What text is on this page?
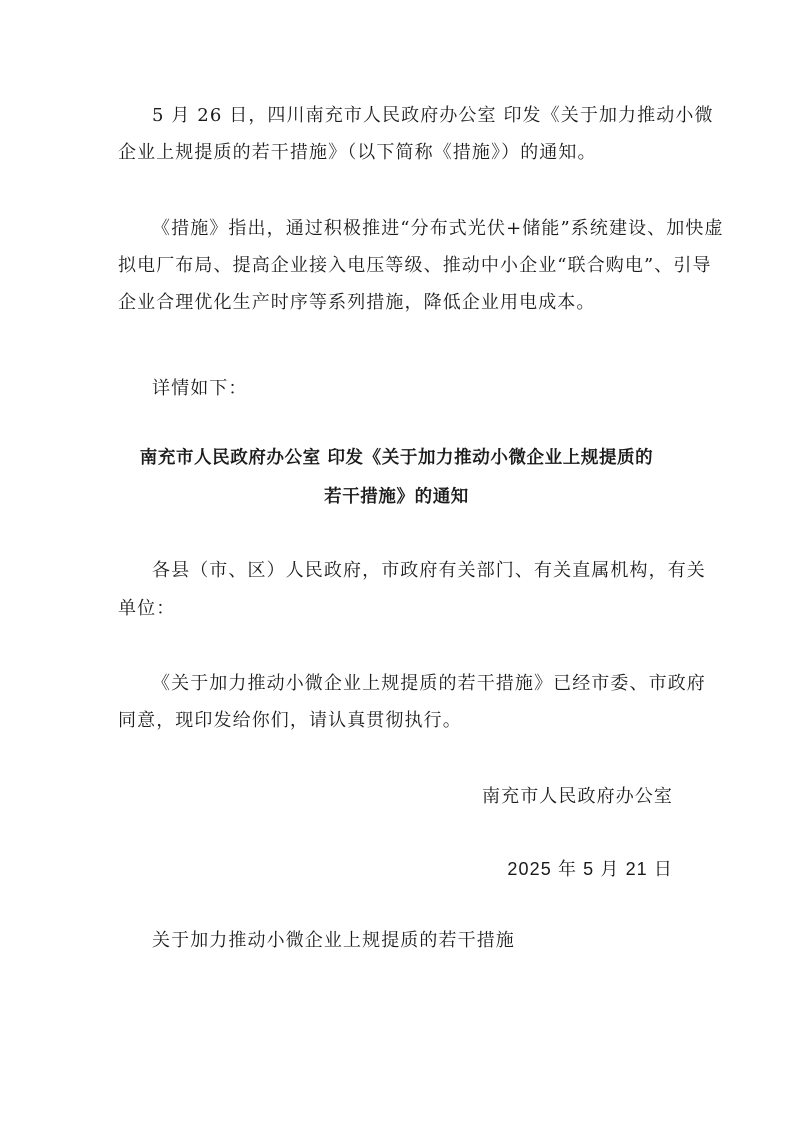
5 月 26 日，四川南充市人民政府办公室 印发《关于加力推动小微
企业上规提质的若干措施》（以下简称《措施》）的通知。
《措施》指出，通过积极推进“分布式光伏+储能”系统建设、加快虚
拟电厂布局、提高企业接入电压等级、推动中小企业“联合购电”、引导
企业合理优化生产时序等系列措施，降低企业用电成本。
详情如下：
南充市人民政府办公室 印发《关于加力推动小微企业上规提质的
若干措施》的通知
各县（市、区）人民政府，市政府有关部门、有关直属机构，有关
单位：
《关于加力推动小微企业上规提质的若干措施》已经市委、市政府
同意，现印发给你们，请认真贯彻执行。
南充市人民政府办公室
2025 年 5 月 21 日
关于加力推动小微企业上规提质的若干措施
